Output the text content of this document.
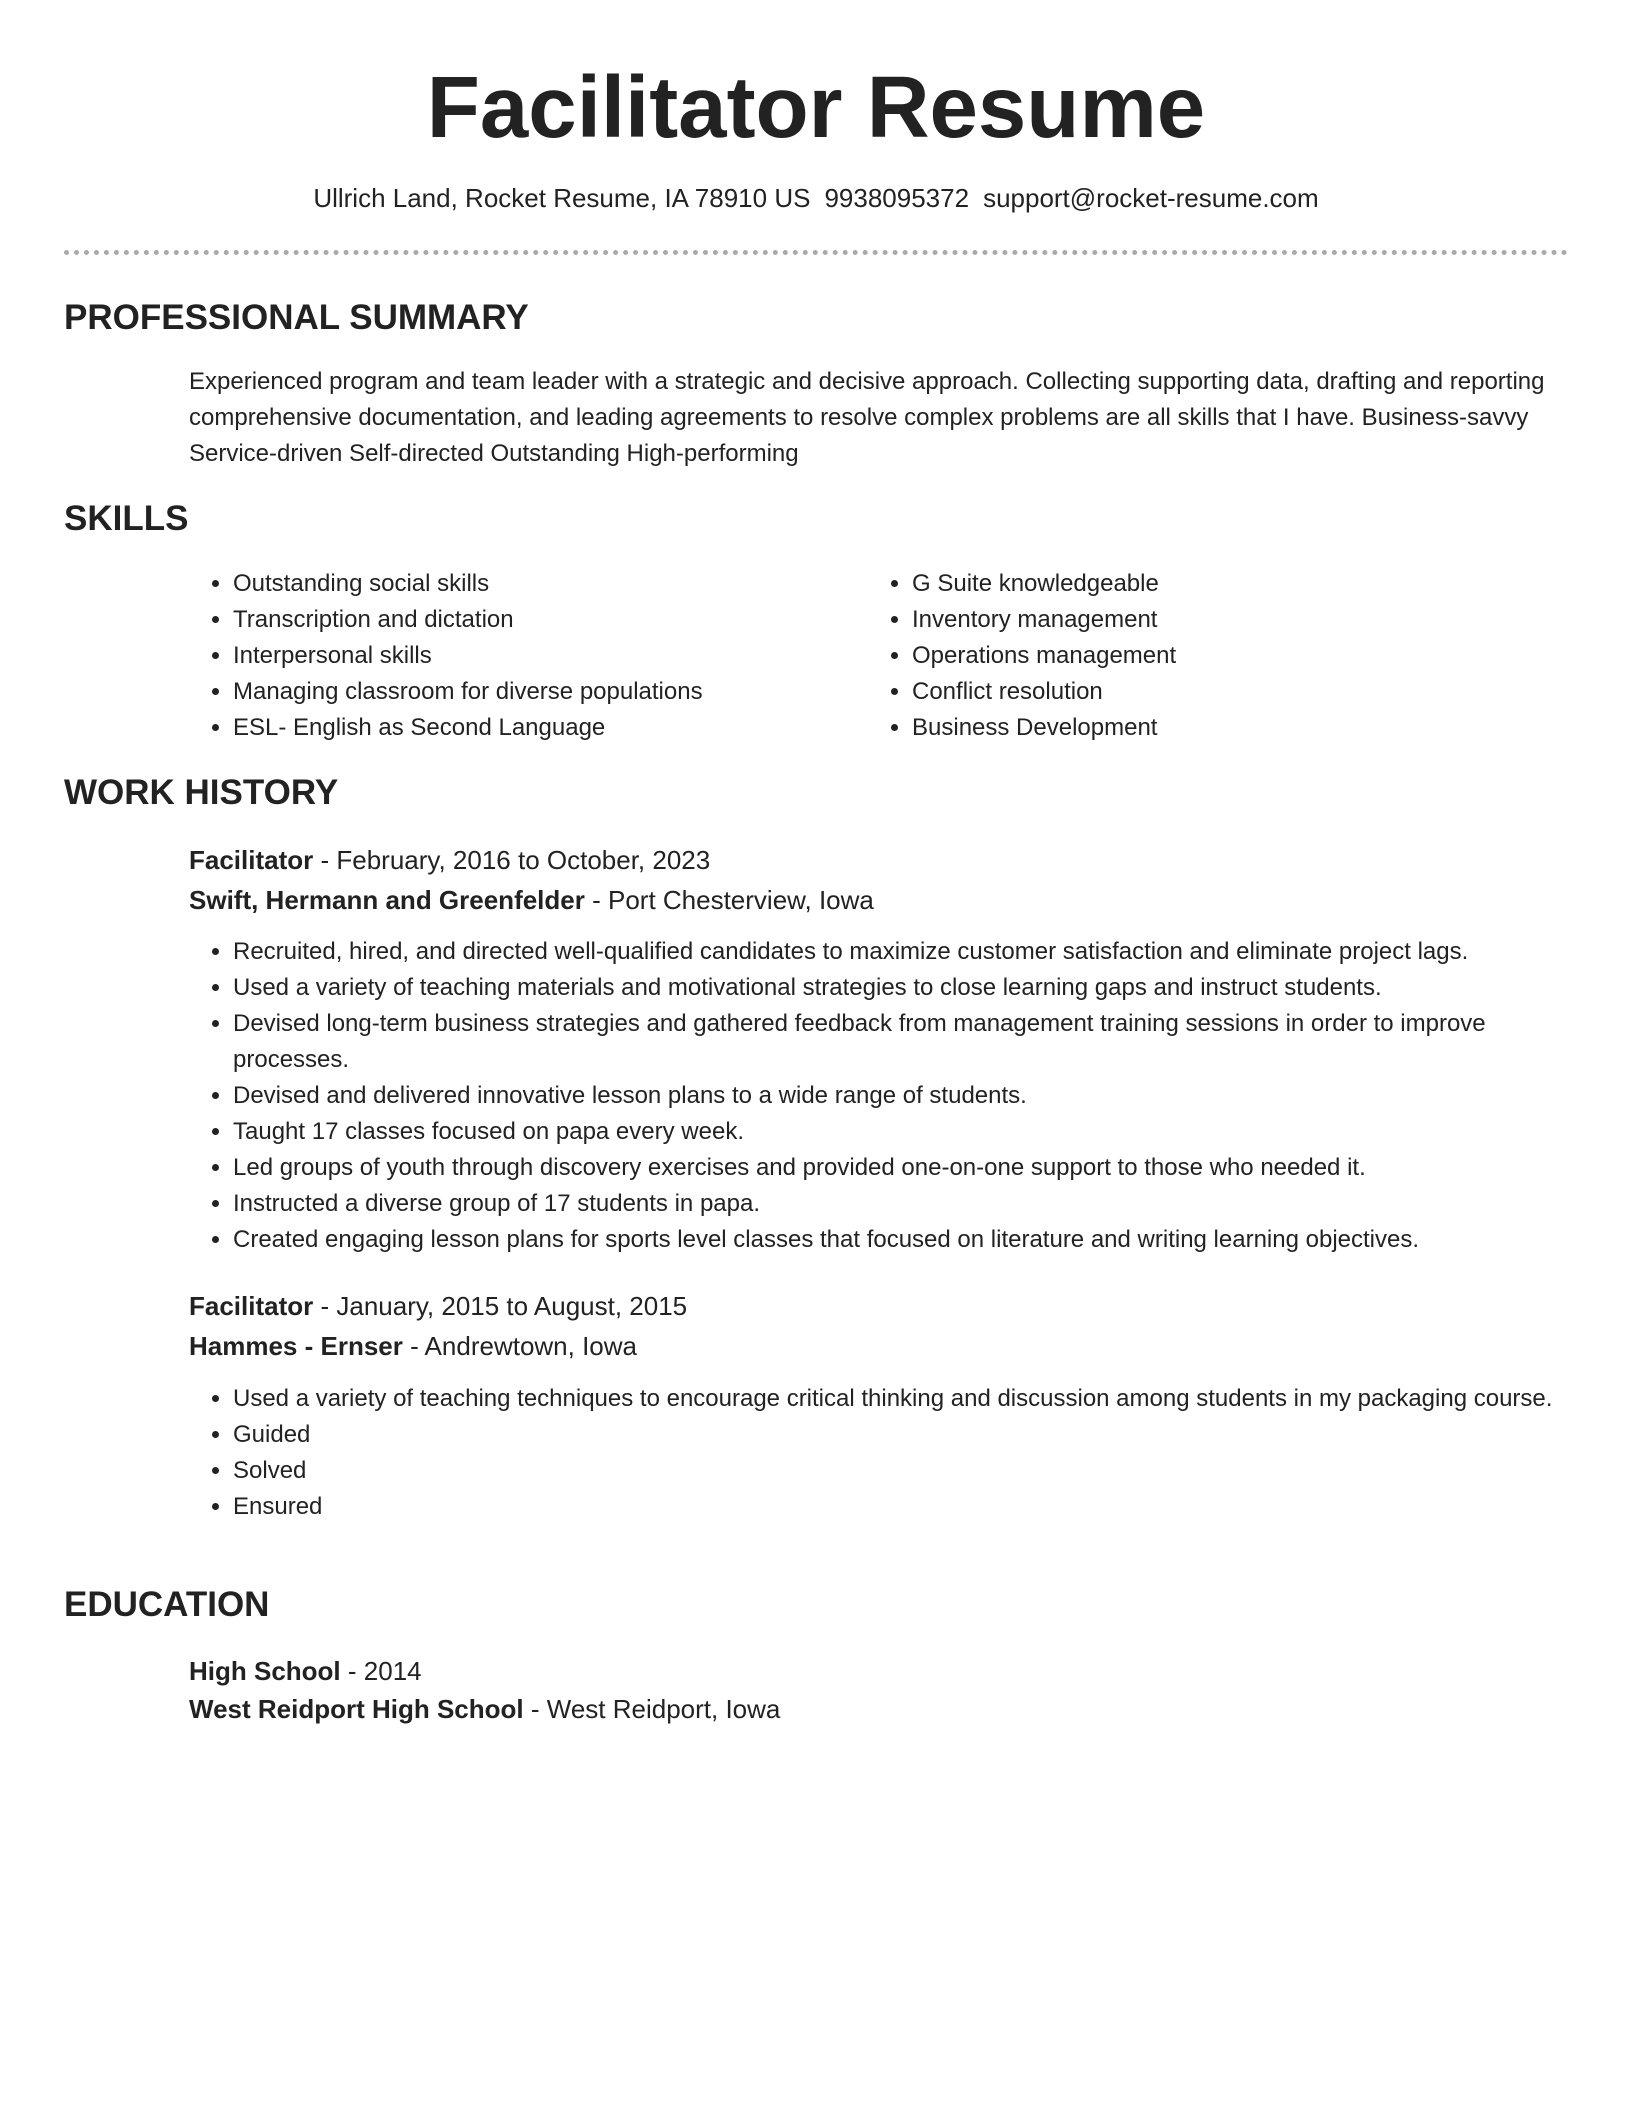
Facilitator Resume
Ullrich Land, Rocket Resume, IA 78910 US 9938095372 support@rocket-resume.com
PROFESSIONAL SUMMARY

Experienced program and team leader with a strategic and decisive approach. Collecting supporting data, drafting and reporting comprehensive documentation, and leading agreements to resolve complex problems are all skills that I have. Business-savvy Service-driven Self-directed Outstanding High-performing

SKILLS
• Outstanding social skills
• Transcription and dictation
• Interpersonal skills
• Managing classroom for diverse populations
• ESL- English as Second Language
• G Suite knowledgeable
• Inventory management
• Operations management
• Conflict resolution
• Business Development
WORK HISTORY
Facilitator - February, 2016 to October, 2023
Swift, Hermann and Greenfelder - Port Chesterview, Iowa
• Recruited, hired, and directed well-qualified candidates to maximize customer satisfaction and eliminate project lags.
• Used a variety of teaching materials and motivational strategies to close learning gaps and instruct students.
• Devised long-term business strategies and gathered feedback from management training sessions in order to improve processes.
• Devised and delivered innovative lesson plans to a wide range of students.
• Taught 17 classes focused on papa every week.
• Led groups of youth through discovery exercises and provided one-on-one support to those who needed it.
• Instructed a diverse group of 17 students in papa.
• Created engaging lesson plans for sports level classes that focused on literature and writing learning objectives.
Facilitator - January, 2015 to August, 2015
Hammes - Ernser - Andrewtown, Iowa
• Used a variety of teaching techniques to encourage critical thinking and discussion among students in my packaging course.
• Guided
• Solved
• Ensured
EDUCATION
High School - 2014
West Reidport High School - West Reidport, Iowa
